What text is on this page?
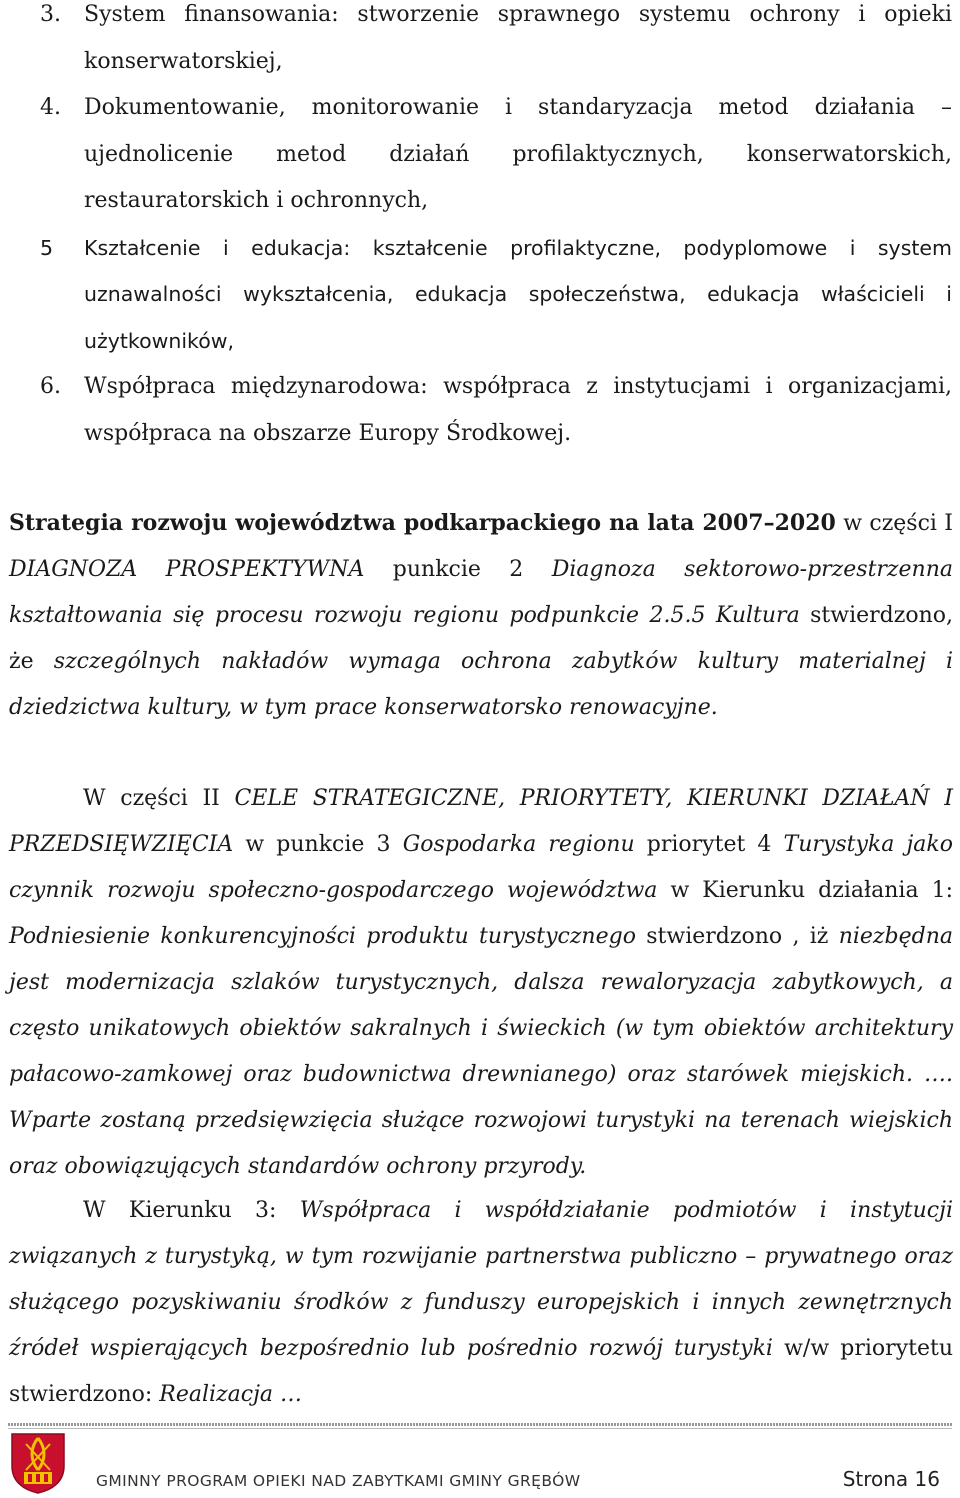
3. System finansowania: stworzenie sprawnego systemu ochrony i opieki konserwatorskiej,
4. Dokumentowanie, monitorowanie i standaryzacja metod działania – ujednolicenie metod działań profilaktycznych, konserwatorskich, restauratorskich i ochronnych,
5 Kształcenie i edukacja: kształcenie profilaktyczne, podyplomowe i system uznawalności wykształcenia, edukacja społeczeństwa, edukacja właścicieli i użytkowników,
6. Współpraca międzynarodowa: współpraca z instytucjami i organizacjami, współpraca na obszarze Europy Środkowej.
Strategia rozwoju województwa podkarpackiego na lata 2007–2020 w części I DIAGNOZA PROSPEKTYWNA punkcie 2 Diagnoza sektorowo-przestrzenna kształtowania się procesu rozwoju regionu podpunkcie 2.5.5 Kultura stwierdzono, że szczególnych nakładów wymaga ochrona zabytków kultury materialnej i dziedzictwa kultury, w tym prace konserwatorsko renowacyjne.
W części II CELE STRATEGICZNE, PRIORYTETY, KIERUNKI DZIAŁAŃ I PRZEDSIĘWZIĘCIA w punkcie 3 Gospodarka regionu priorytet 4 Turystyka jako czynnik rozwoju społeczno-gospodarczego województwa w Kierunku działania 1: Podniesienie konkurencyjności produktu turystycznego stwierdzono , iż niezbędna jest modernizacja szlaków turystycznych, dalsza rewaloryzacja zabytkowych, a często unikatowych obiektów sakralnych i świeckich (w tym obiektów architektury pałacowo-zamkowej oraz budownictwa drewnianego) oraz starówek miejskich. …. Wparte zostaną przedsięwzięcia służące rozwojowi turystyki na terenach wiejskich oraz obowiązujących standardów ochrony przyrody.
W Kierunku 3: Współpraca i współdziałanie podmiotów i instytucji związanych z turystyką, w tym rozwijanie partnerstwa publiczno – prywatnego oraz służącego pozyskiwaniu środków z funduszy europejskich i innych zewnętrznych źródeł wspierających bezpośrednio lub pośrednio rozwój turystyki w/w priorytetu stwierdzono: Realizacja …
GMINNY PROGRAM OPIEKI NAD ZABYTKAMI GMINY GRĘBÓW	Strona 16
